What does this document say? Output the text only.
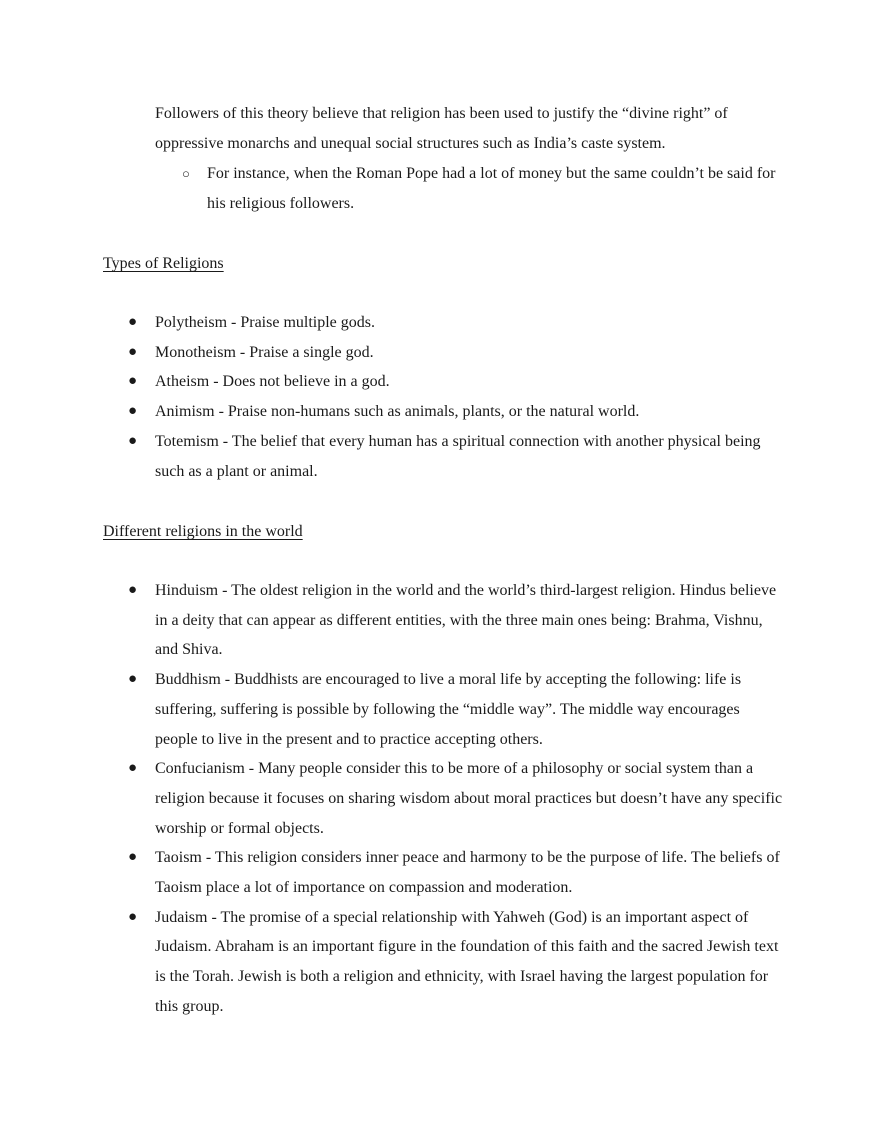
Followers of this theory believe that religion has been used to justify the “divine right” of oppressive monarchs and unequal social structures such as India’s caste system.

○ For instance, when the Roman Pope had a lot of money but the same couldn’t be said for his religious followers.

Types of Religions

● Polytheism - Praise multiple gods.
● Monotheism - Praise a single god.
● Atheism - Does not believe in a god.
● Animism - Praise non-humans such as animals, plants, or the natural world.
● Totemism - The belief that every human has a spiritual connection with another physical being such as a plant or animal.

Different religions in the world

● Hinduism - The oldest religion in the world and the world’s third-largest religion. Hindus believe in a deity that can appear as different entities, with the three main ones being: Brahma, Vishnu, and Shiva.
● Buddhism - Buddhists are encouraged to live a moral life by accepting the following: life is suffering, suffering is possible by following the “middle way”. The middle way encourages people to live in the present and to practice accepting others.
● Confucianism - Many people consider this to be more of a philosophy or social system than a religion because it focuses on sharing wisdom about moral practices but doesn’t have any specific worship or formal objects.
● Taoism - This religion considers inner peace and harmony to be the purpose of life. The beliefs of Taoism place a lot of importance on compassion and moderation.
● Judaism - The promise of a special relationship with Yahweh (God) is an important aspect of Judaism. Abraham is an important figure in the foundation of this faith and the sacred Jewish text is the Torah. Jewish is both a religion and ethnicity, with Israel having the largest population for this group.
